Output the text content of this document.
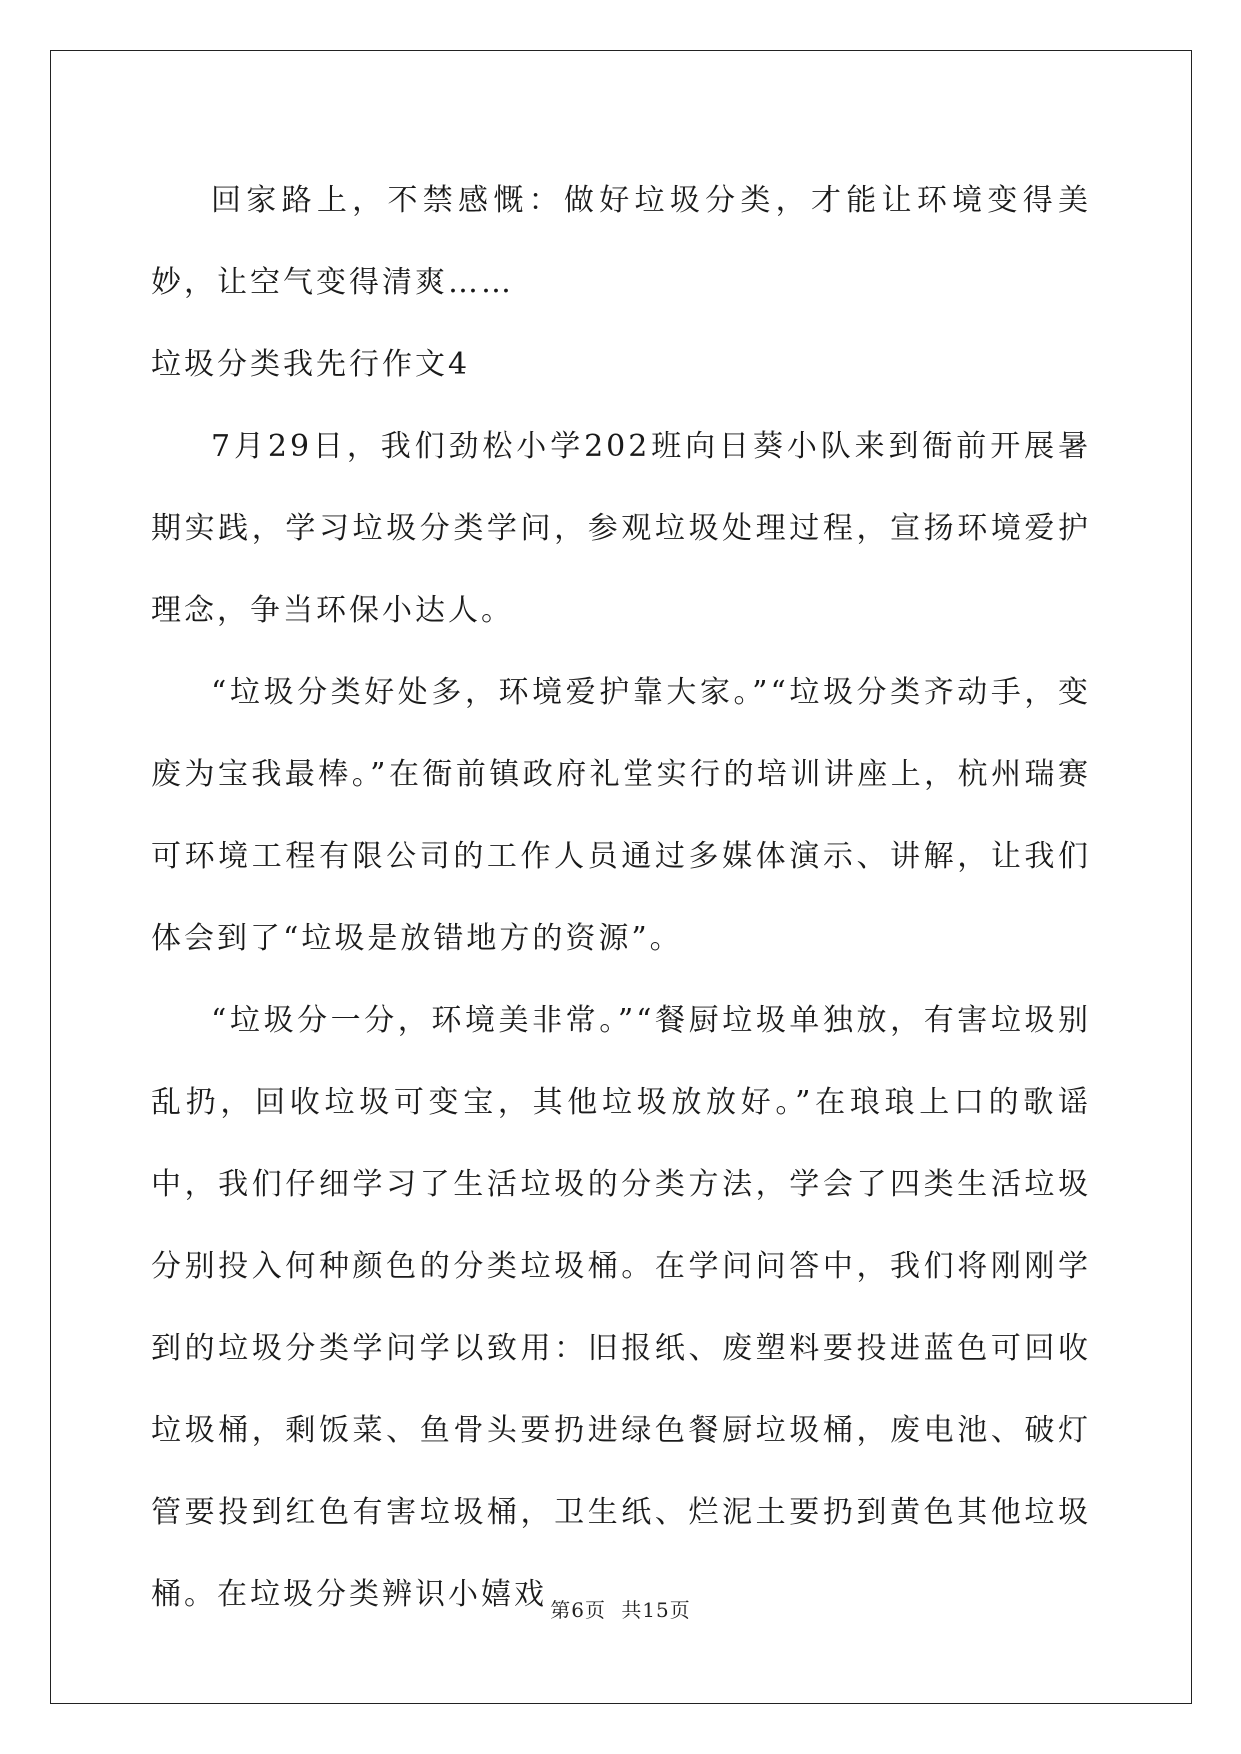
回家路上，不禁感慨：做好垃圾分类，才能让环境变得美妙，让空气变得清爽……

垃圾分类我先行作文4

7月29日，我们劲松小学202班向日葵小队来到衙前开展暑期实践，学习垃圾分类学问，参观垃圾处理过程，宣扬环境爱护理念，争当环保小达人。

“垃圾分类好处多，环境爱护靠大家。”“垃圾分类齐动手，变废为宝我最棒。”在衙前镇政府礼堂实行的培训讲座上，杭州瑞赛可环境工程有限公司的工作人员通过多媒体演示、讲解，让我们体会到了“垃圾是放错地方的资源”。

“垃圾分一分，环境美非常。”“餐厨垃圾单独放，有害垃圾别乱扔，回收垃圾可变宝，其他垃圾放放好。”在琅琅上口的歌谣中，我们仔细学习了生活垃圾的分类方法，学会了四类生活垃圾分别投入何种颜色的分类垃圾桶。在学问问答中，我们将刚刚学到的垃圾分类学问学以致用：旧报纸、废塑料要投进蓝色可回收垃圾桶，剩饭菜、鱼骨头要扔进绿色餐厨垃圾桶，废电池、破灯管要投到红色有害垃圾桶，卫生纸、烂泥土要扔到黄色其他垃圾桶。在垃圾分类辨识小嬉戏 第6页 共15页
